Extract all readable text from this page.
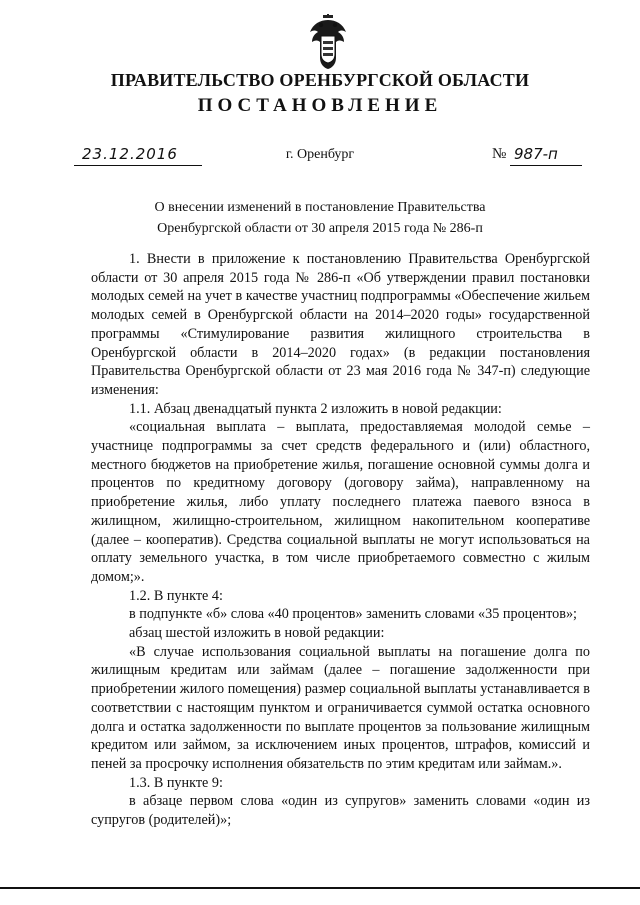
ПРАВИТЕЛЬСТВО ОРЕНБУРГСКОЙ ОБЛАСТИ
ПОСТАНОВЛЕНИЕ
23.12.2016	г. Оренбург	№ 987-п
О внесении изменений в постановление Правительства
Оренбургской области от 30 апреля 2015 года № 286-п

1. Внести в приложение к постановлению Правительства Оренбургской области от 30 апреля 2015 года № 286-п «Об утверждении правил постановки молодых семей на учет в качестве участниц подпрограммы «Обеспечение жильем молодых семей в Оренбургской области на 2014–2020 годы» государственной программы «Стимулирование развития жилищного строительства в Оренбургской области в 2014–2020 годах» (в редакции постановления Правительства Оренбургской области от 23 мая 2016 года № 347-п) следующие изменения:

1.1. Абзац двенадцатый пункта 2 изложить в новой редакции:

«социальная выплата – выплата, предоставляемая молодой семье – участнице подпрограммы за счет средств федерального и (или) областного, местного бюджетов на приобретение жилья, погашение основной суммы долга и процентов по кредитному договору (договору займа), направленному на приобретение жилья, либо уплату последнего платежа паевого взноса в жилищном, жилищно-строительном, жилищном накопительном кооперативе (далее – кооператив). Средства социальной выплаты не могут использоваться на оплату земельного участка, в том числе приобретаемого совместно с жилым домом;».

1.2. В пункте 4:

в подпункте «б» слова «40 процентов» заменить словами «35 процентов»;

абзац шестой изложить в новой редакции:

«В случае использования социальной выплаты на погашение долга по жилищным кредитам или займам (далее – погашение задолженности при приобретении жилого помещения) размер социальной выплаты устанавливается в соответствии с настоящим пунктом и ограничивается суммой остатка основного долга и остатка задолженности по выплате процентов за пользование жилищным кредитом или займом, за исключением иных процентов, штрафов, комиссий и пеней за просрочку исполнения обязательств по этим кредитам или займам.».

1.3. В пункте 9:

в абзаце первом слова «один из супругов» заменить словами «один из супругов (родителей)»;
